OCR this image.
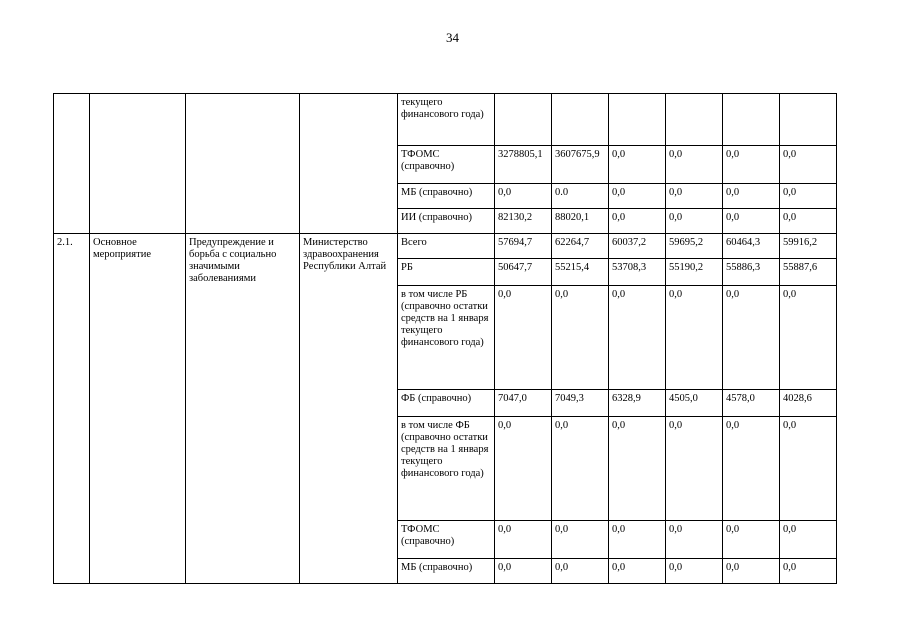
34
				текущего финансового года)						
				ТФОМС (справочно)	3278805,1	3607675,9	0,0	0,0	0,0	0,0
				МБ (справочно)	0,0	0.0	0,0	0,0	0,0	0,0
				ИИ (справочно)	82130,2	88020,1	0,0	0,0	0,0	0,0
2.1.	Основное мероприятие	Предупреждение и борьба с социально значимыми заболеваниями	Министерство здравоохранения Республики Алтай	Всего	57694,7	62264,7	60037,2	59695,2	60464,3	59916,2
				РБ	50647,7	55215,4	53708,3	55190,2	55886,3	55887,6
				в том числе РБ (справочно остатки средств на 1 января текущего финансового года)	0,0	0,0	0,0	0,0	0,0	0,0
				ФБ (справочно)	7047,0	7049,3	6328,9	4505,0	4578,0	4028,6
				в том числе ФБ (справочно остатки средств на 1 января текущего финансового года)	0,0	0,0	0,0	0,0	0,0	0,0
				ТФОМС (справочно)	0,0	0,0	0,0	0,0	0,0	0,0
				МБ (справочно)	0,0	0,0	0,0	0,0	0,0	0,0
